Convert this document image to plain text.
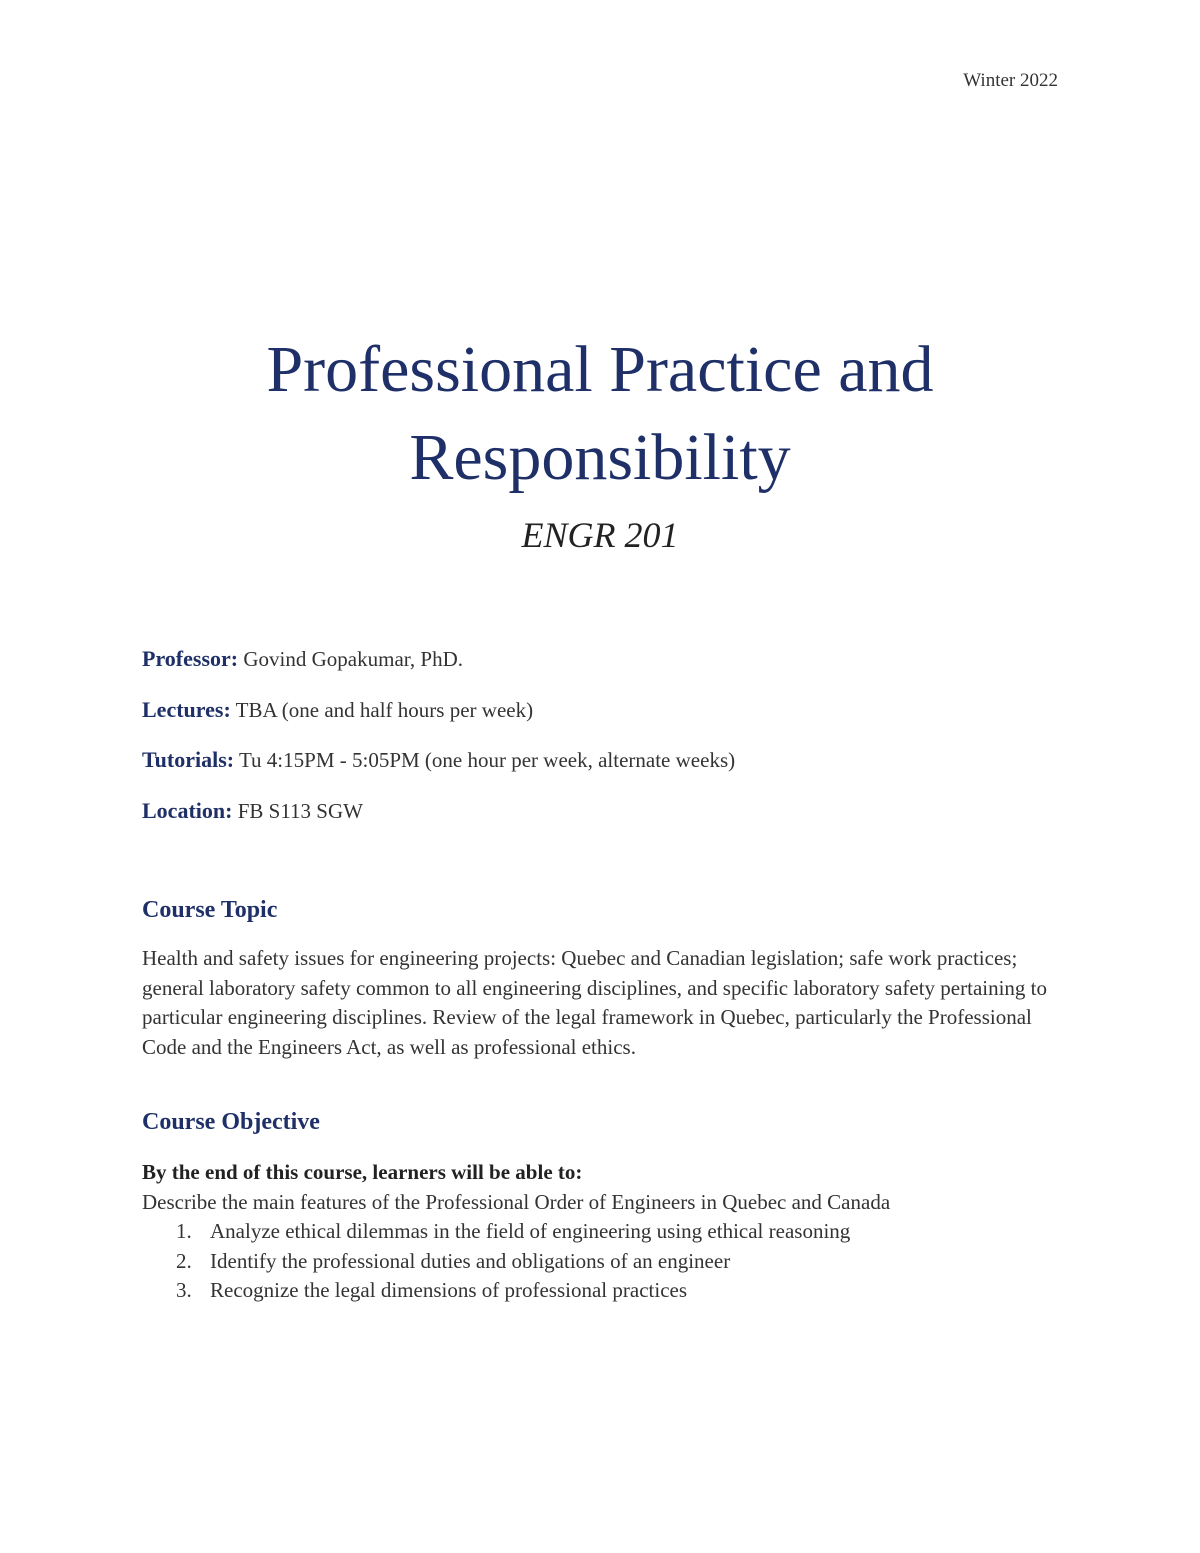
Winter 2022
Professional Practice and
Responsibility
ENGR 201
Professor: Govind Gopakumar, PhD.
Lectures: TBA (one and half hours per week)
Tutorials: Tu 4:15PM - 5:05PM (one hour per week, alternate weeks)
Location: FB S113 SGW
Course Topic

Health and safety issues for engineering projects: Quebec and Canadian legislation; safe work practices; general laboratory safety common to all engineering disciplines, and specific laboratory safety pertaining to particular engineering disciplines. Review of the legal framework in Quebec, particularly the Professional Code and the Engineers Act, as well as professional ethics.

Course Objective

By the end of this course, learners will be able to:

Describe the main features of the Professional Order of Engineers in Quebec and Canada

1. Analyze ethical dilemmas in the field of engineering using ethical reasoning
2. Identify the professional duties and obligations of an engineer
3. Recognize the legal dimensions of professional practices
